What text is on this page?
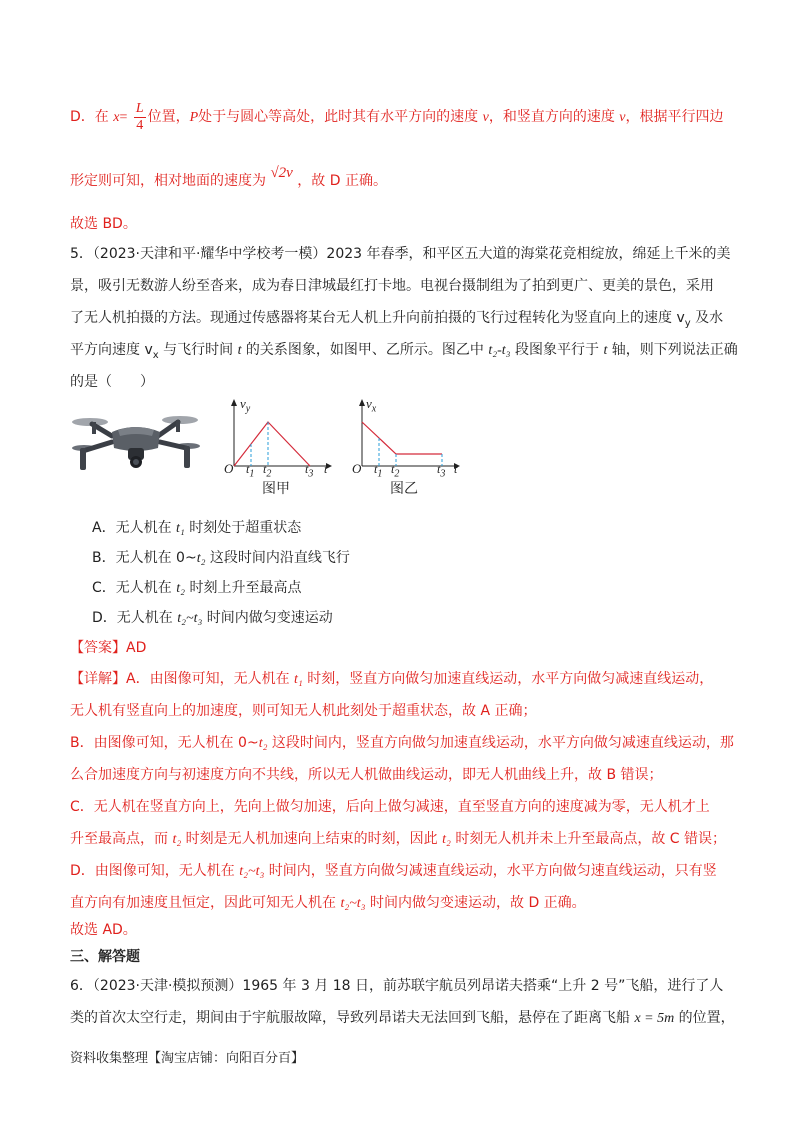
D．在 $x= \frac{L}{4}$ 位置，P处于与圆心等高处，此时其有水平方向的速度 v，和竖直方向的速度 v，根据平行四边
形定则可知，相对地面的速度为 √2v ，故 D 正确。
故选 BD。
5．（2023·天津和平·耀华中学校考一模）2023 年春季，和平区五大道的海棠花竞相绽放，绵延上千米的美
景，吸引无数游人纷至沓来，成为春日津城最红打卡地。电视台摄制组为了拍到更广、更美的景色，采用
了无人机拍摄的方法。现通过传感器将某台无人机上升向前拍摄的飞行过程转化为竖直向上的速度 $v_y$ 及水
平方向速度 $v_x$ 与飞行时间 t 的关系图象，如图甲、乙所示。图乙中 t₂-t₃ 段图象平行于 t 轴，则下列说法正确
的是（　　）
$v_y$
O $t_1$ $t_2$	$t_3$ t
图甲
$v_x$
O $t_1$ $t_2$	$t_3$ t
图乙
A．无人机在 t₁ 时刻处于超重状态
B．无人机在 0~t₂ 这段时间内沿直线飞行
C．无人机在 t₂ 时刻上升至最高点
D．无人机在 t₂~t₃ 时间内做匀变速运动
【答案】AD
【详解】A．由图像可知，无人机在 t₁ 时刻，竖直方向做匀加速直线运动，水平方向做匀减速直线运动，
无人机有竖直向上的加速度，则可知无人机此刻处于超重状态，故 A 正确；
B．由图像可知，无人机在 0~t₂ 这段时间内，竖直方向做匀加速直线运动，水平方向做匀减速直线运动，那
么合加速度方向与初速度方向不共线，所以无人机做曲线运动，即无人机曲线上升，故 B 错误；
C．无人机在竖直方向上，先向上做匀加速，后向上做匀减速，直至竖直方向的速度减为零，无人机才上
升至最高点，而 t₂ 时刻是无人机加速向上结束的时刻，因此 t₂ 时刻无人机并未上升至最高点，故 C 错误；
D．由图像可知，无人机在 t₂~t₃ 时间内，竖直方向做匀减速直线运动，水平方向做匀速直线运动，只有竖
直方向有加速度且恒定，因此可知无人机在 t₂~t₃ 时间内做匀变速运动，故 D 正确。
故选 AD。
三、解答题
6．（2023·天津·模拟预测）1965 年 3 月 18 日，前苏联宇航员列昂诺夫搭乘“上升 2 号”飞船，进行了人
类的首次太空行走，期间由于宇航服故障，导致列昂诺夫无法回到飞船，悬停在了距离飞船 x = 5m 的位置，
资料收集整理【淘宝店铺：向阳百分百】
